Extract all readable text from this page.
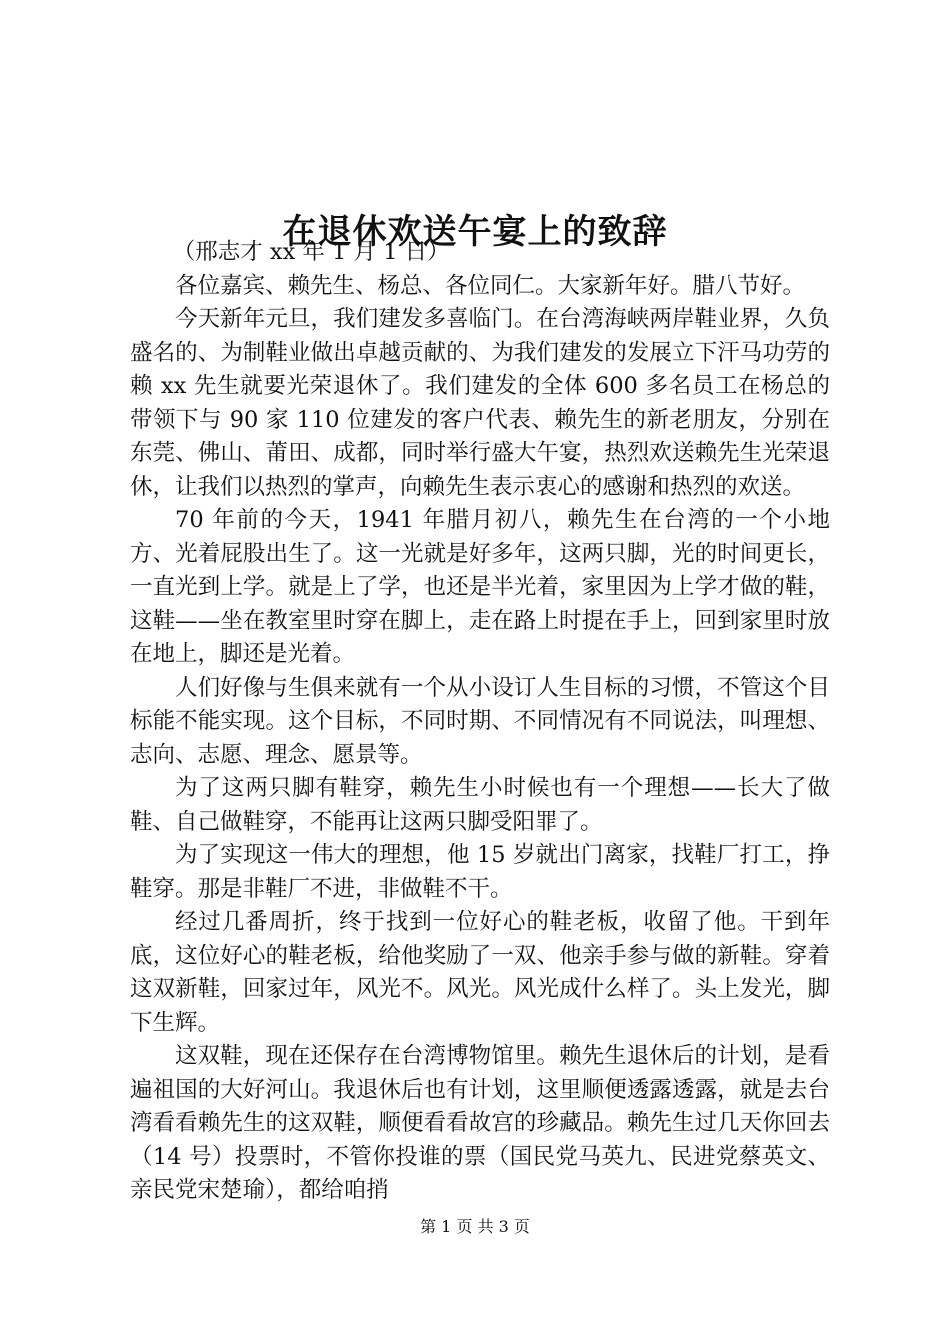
在退休欢送午宴上的致辞

（邢志才 xx 年 1 月 1 日）

各位嘉宾、赖先生、杨总、各位同仁。大家新年好。腊八节好。

今天新年元旦，我们建发多喜临门。在台湾海峡两岸鞋业界，久负盛名的、为制鞋业做出卓越贡献的、为我们建发的发展立下汗马功劳的赖 xx 先生就要光荣退休了。我们建发的全体 600 多名员工在杨总的带领下与 90 家 110 位建发的客户代表、赖先生的新老朋友，分别在东莞、佛山、莆田、成都，同时举行盛大午宴，热烈欢送赖先生光荣退休，让我们以热烈的掌声，向赖先生表示衷心的感谢和热烈的欢送。

70 年前的今天，1941 年腊月初八，赖先生在台湾的一个小地方、光着屁股出生了。这一光就是好多年，这两只脚，光的时间更长，一直光到上学。就是上了学，也还是半光着，家里因为上学才做的鞋，这鞋——坐在教室里时穿在脚上，走在路上时提在手上，回到家里时放在地上，脚还是光着。

人们好像与生俱来就有一个从小设订人生目标的习惯，不管这个目标能不能实现。这个目标，不同时期、不同情况有不同说法，叫理想、志向、志愿、理念、愿景等。

为了这两只脚有鞋穿，赖先生小时候也有一个理想——长大了做鞋、自己做鞋穿，不能再让这两只脚受阳罪了。

为了实现这一伟大的理想，他 15 岁就出门离家，找鞋厂打工，挣鞋穿。那是非鞋厂不进，非做鞋不干。

经过几番周折，终于找到一位好心的鞋老板，收留了他。干到年底，这位好心的鞋老板，给他奖励了一双、他亲手参与做的新鞋。穿着这双新鞋，回家过年，风光不。风光。风光成什么样了。头上发光，脚下生辉。

这双鞋，现在还保存在台湾博物馆里。赖先生退休后的计划，是看遍祖国的大好河山。我退休后也有计划，这里顺便透露透露，就是去台湾看看赖先生的这双鞋，顺便看看故宫的珍藏品。赖先生过几天你回去（14 号）投票时，不管你投谁的票（国民党马英九、民进党蔡英文、亲民党宋楚瑜），都给咱捎

第 1 页 共 3 页
